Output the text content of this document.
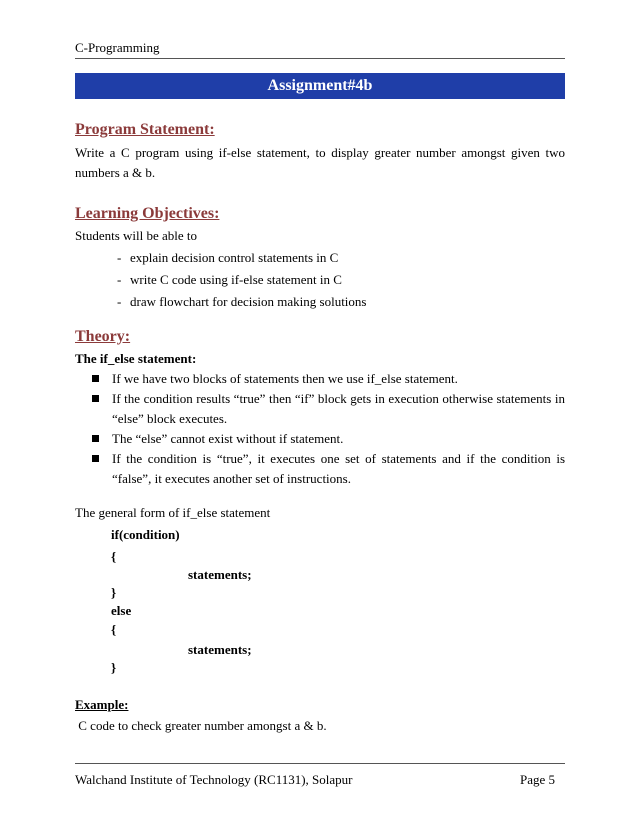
C-Programming
Assignment#4b
Program Statement:
Write a C program using if-else statement, to display greater number amongst given two numbers a & b.
Learning Objectives:
Students will be able to
- explain decision control statements in C
- write C code using if-else statement in C
- draw flowchart for decision making solutions
Theory:
The if_else statement:
If we have two blocks of statements then we use if_else statement.
If the condition results “true” then “if” block gets in execution otherwise statements in “else” block executes.
The “else” cannot exist without if statement.
If the condition is “true”, it executes one set of statements and if the condition is “false”, it executes another set of instructions.
The general form of if_else statement
if(condition)
{
statements;
}
else
{
statements;
}
Example:
C code to check greater number amongst a & b.
Walchand Institute of Technology (RC1131), Solapur	Page 5
